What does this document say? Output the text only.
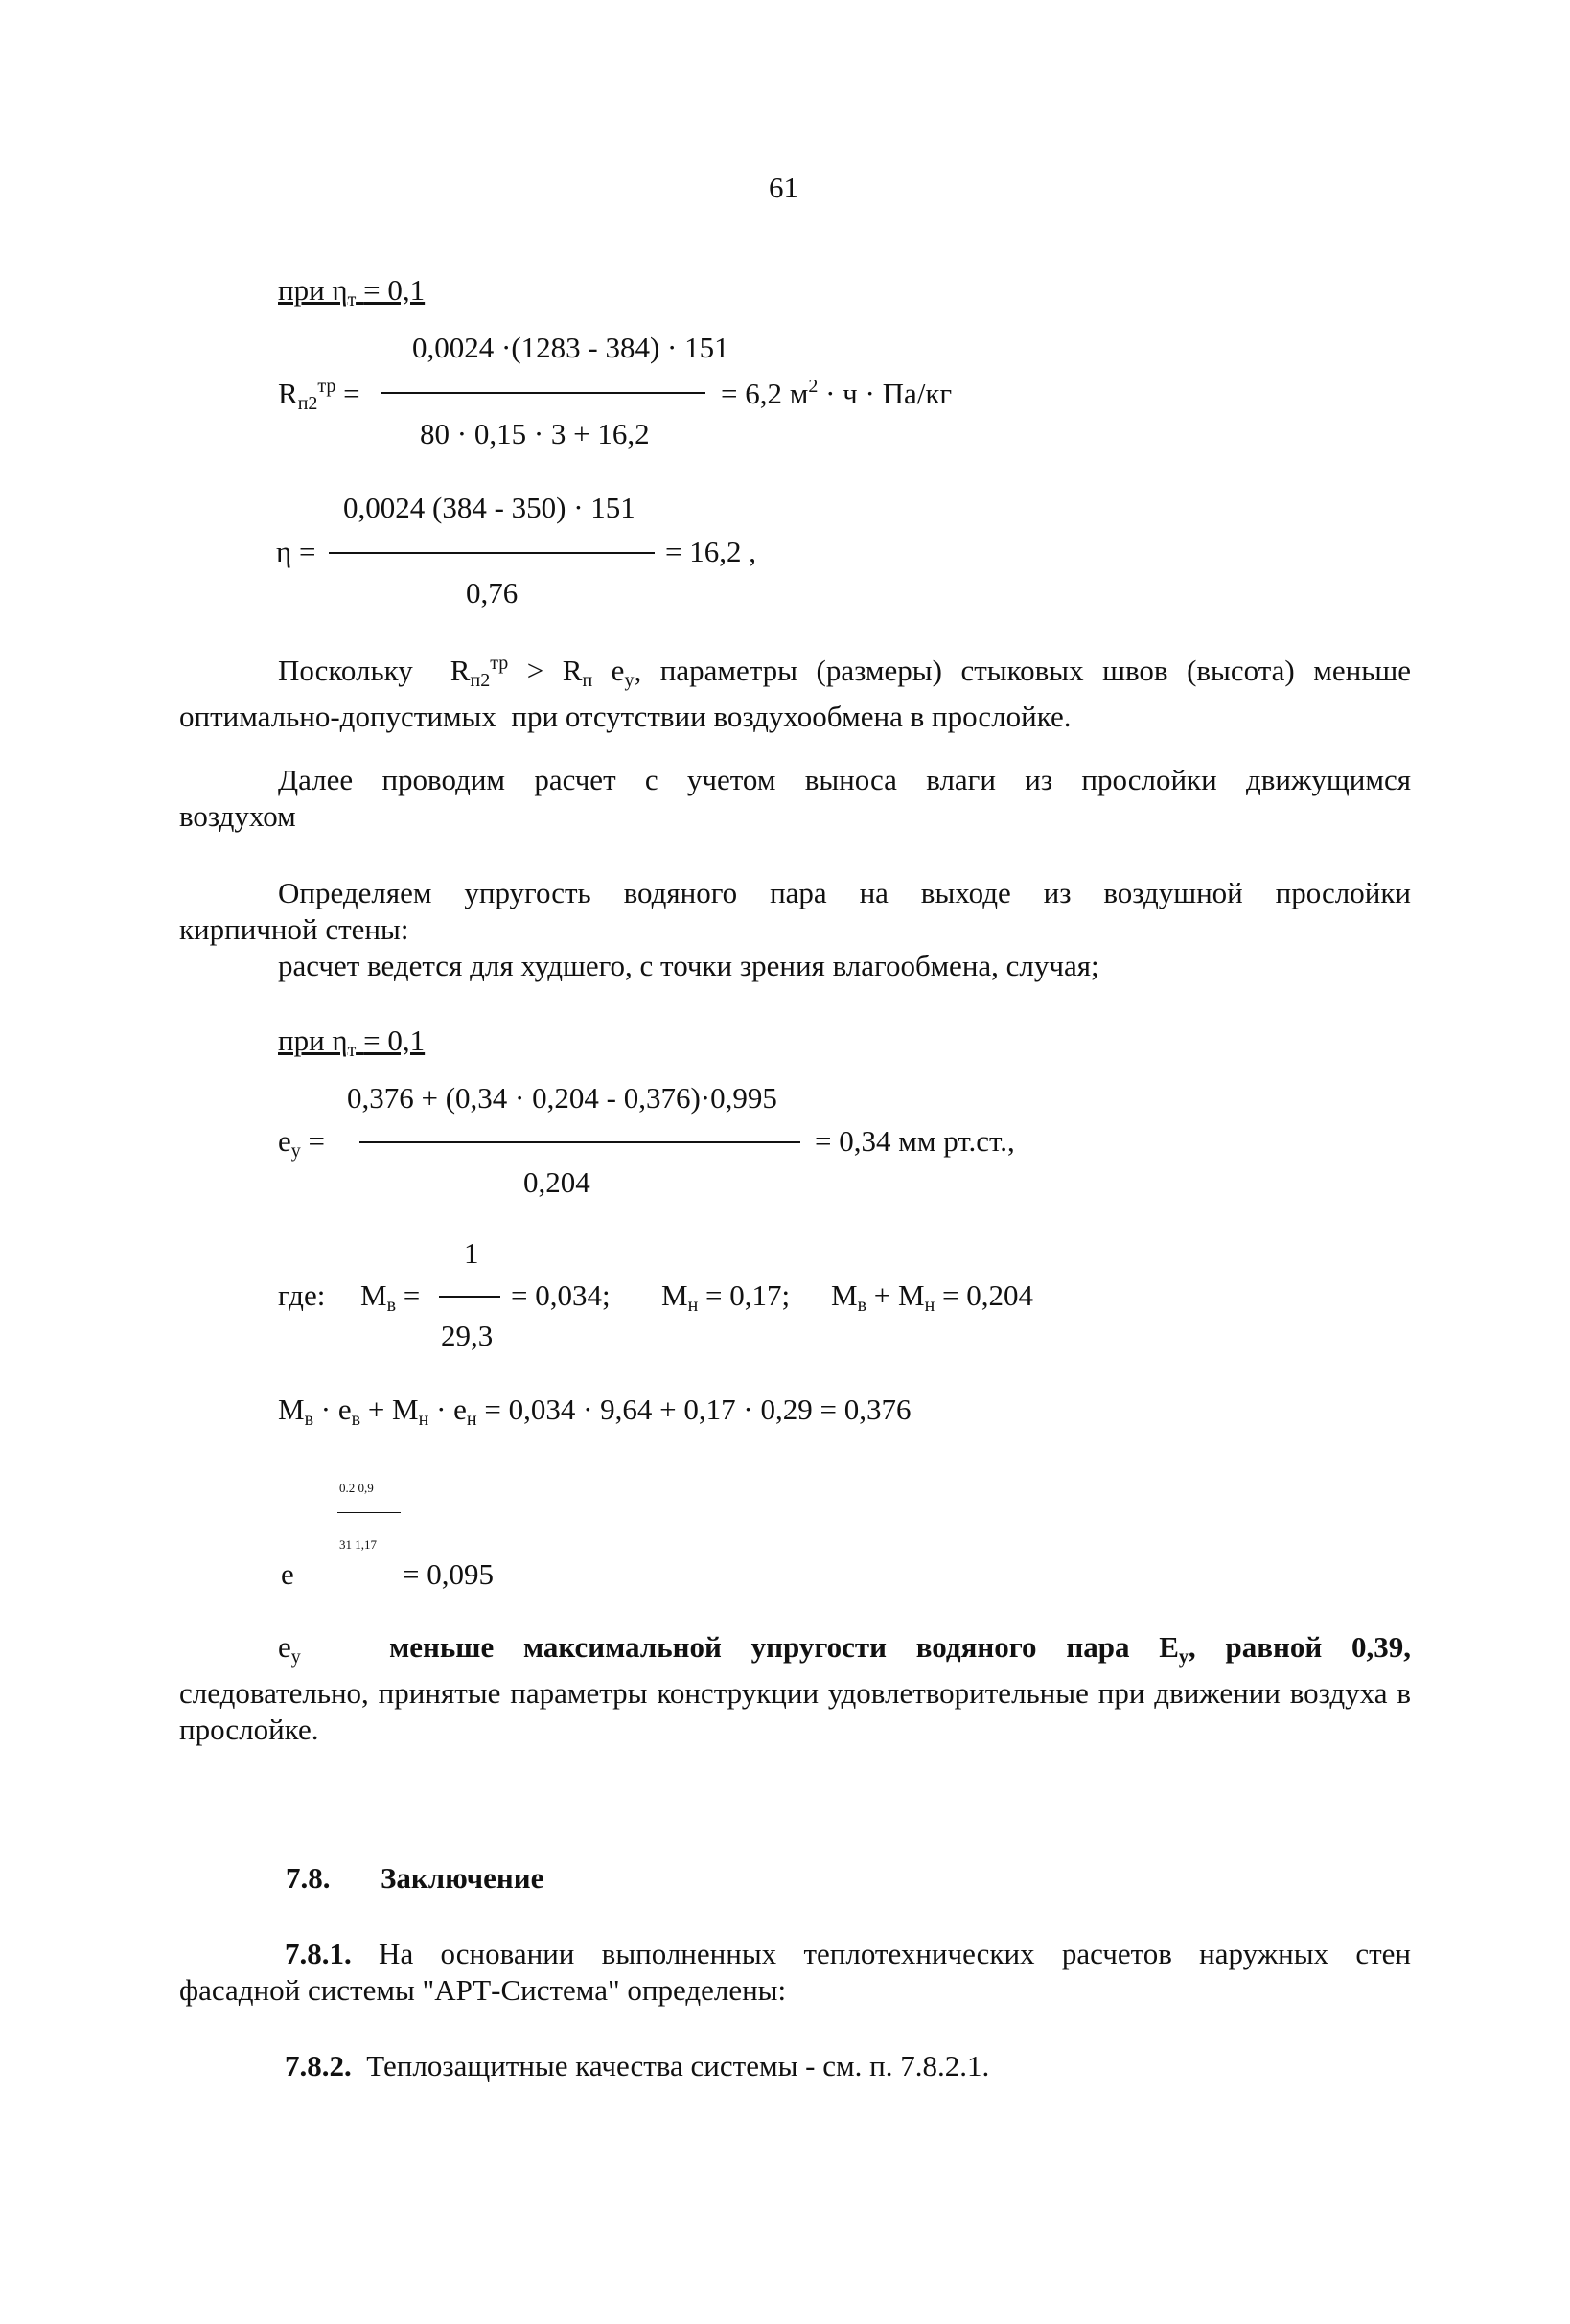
61
при $\eta_т = 0,1$
0,0024 ·(1283 - 384) · 151
$R_{п2}^{тр}$ =	= 6,2 $м^2 \cdot ч \cdot Па/кг$
80 · 0,15 · 3 + 16,2
0,0024 (384 - 350) · 151
η =	= 16,2 ,
0,76
Поскольку  $R_{п2}^{тр} > R_п$ $е_у$, параметры (размеры) стыковых швов (высота) меньше
оптимально-допустимых  при отсутствии воздухообмена в прослойке.
Далее проводим расчет с учетом выноса влаги из прослойки движущимся
воздухом
Определяем упругость водяного пара на выходе из воздушной прослойки
кирпичной стены:
расчет ведется для худшего, с точки зрения влагообмена, случая;
при $\eta_т = 0,1$
0,376 + (0,34 · 0,204 - 0,376)·0,995
$е_у$ =	= 0,34 мм рт.ст.,
0,204
1
где: $М_в$ =	= 0,034; $М_н = 0,17$; $М_в + М_н = 0,204$
29,3
$М_в \cdot е_в + М_н \cdot е_н = 0,034 \cdot 9,64 + 0,17 \cdot 0,29 = 0,376$
0.2 0,9
31 1,17
е	= 0,095
$е_у$	меньше максимальной упругости водяного пара $Е_у$, равной 0,39,
следовательно, принятые параметры конструкции удовлетворительные при движении воздуха в прослойке.
7.8. Заключение
7.8.1. На основании выполненных теплотехнических расчетов наружных стен
фасадной системы "АРТ-Система" определены:
7.8.2. Теплозащитные качества системы - см. п. 7.8.2.1.
